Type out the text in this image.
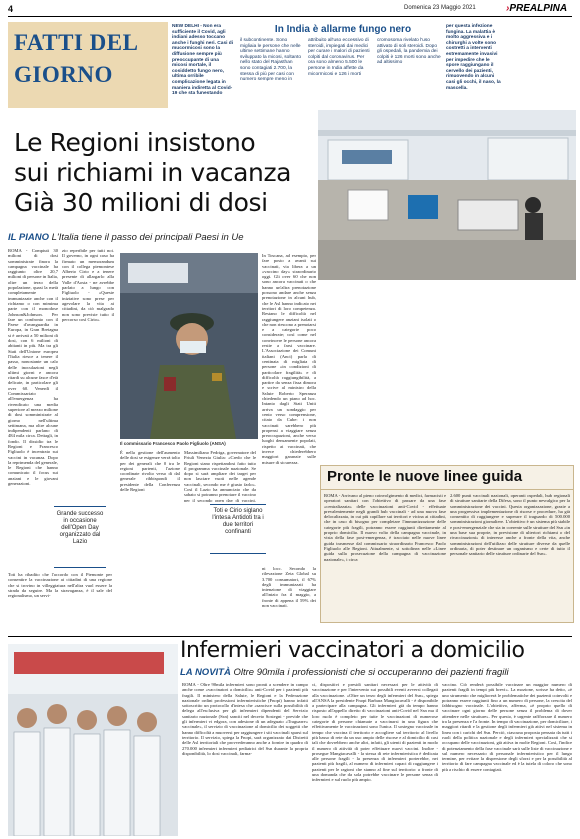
4	Domenica 23 Maggio 2021	›PREALPINA
FATTI DEL
GIORNO
NEW DELHI - Non era sufficiente il Covid, agli indiani adesso toccano anche i funghi neri. Casi di mucormicosi sono la diffusione sempre più preoccupante di una micosi mortale, il cosiddetto fungo nero, ultima orribile complicazione legata in maniera indiretta al Covid-19 che sta funestando
In India è allarme fungo nero
il subcontinente. Sono migliaia le persone che nelle ultime settimane hanno sviluppato la micosi, soltanto nello stato del Rajasthan sono contagiati 2.700, la stessa di più per casi con numero sempre meno in
attribuito all'uso eccessivo di steroidi, impiegati dai medici per curare i malori di pazienti colpiti dal coronavirus. Per ora sono almeno 5.500 le persone in India affette da micormicosi e 126 i morti
cromosoma rivelato l'uso attivato di soli steroidi. Dopo gli ospedali, la pandemia dei colpiti è 126 morti sono anche ad altissimo
per questa infezione fungina. La malattia è molto aggressiva e i chirurghi a volte sono costretti a interventi estremamente invasivi per impedire che le spore raggiungano il cervello dei pazienti, rimuovendo in alcuni casi gli occhi, il naso, la mascella.
Le Regioni insistono
sui richiami in vacanza
Già 30 milioni di dosi
IL PIANO L'Italia tiene il passo dei principali Paesi in Ue
ROMA - Compiuti 30 milioni di dosi somministrate finora la campagna vaccinale ha raggiunto oltre 20,7 milioni di persone in Italia, oltre un terzo della popolazione, quasi la metà completamente immunizzate anche con il richiamo o con mimima parte con il monodose Johnson&Johnson. Per fare un confronto con il Paese d'avanguardia in Europa, in Gran Bretagna si è arrivati a 50 milioni di dosi, con 6 milioni di abitanti in più. Ma tra gli Stati dell'Unione europea l'Italia riesce a tenere il passo, nonostante un calo delle inoculazioni negli ultimi giorni e ancora ritardi su alcune fasce d'età delicate, in particolare gli over 60. Venerdì il Commissariato all'emergenza ha rivendicato una media superiore al mezzo milione di dosi somministrate al giorno nell'ultima settimana, ma oltre alcune indipendenti parlano di 484 mila circa. Dettagli, in fondo. Il dissidio tra le Regioni e Francesco Figliuolo è incentrato sui vaccini in vacanza. Dopo la reprimenda del generale, le Regioni che hanno comunicato il focus sui anziani e le giovani generazioni.
Toti ha ribadito che l'accordo con il Piemonte per consentire la vaccinazione ai cittadini di una regione che si trovino in villeggiatura nell'altra vuol essere la strada da seguire. Ma la stravaganza, è il sale del regionalismo, un servi-
zio reperibile per tutti noi. Il governo, in ogni caso ha firmato un memorandum con il collega piemontese Alberto Cirio e a tenere presente di allargarlo alla Valle d'Aosta - ne avrebbe parlato a lungo con Figliuolo - «Queste iniziative sono prese per agevolare la vita ai cittadini, da ciò malgrado non sono previste tutto il percorso così Cirio».
Il commissario Francesco Paolo Figliuolo (ANSA)
È nella gestione dell'aumento delle dosi se esigenze verrà tolto per dei generali che 0 tra le regioni partenti, l'azione coordinate rivolto verso di dal generale ribbispondi il presidente della Conferenza delle Regioni
Massimiliano Fedriga, governatore del Friuli Venezia Giulia: «Credo che le Regioni siano rispettandosi fatto tutto il programma vaccinale nazionale. Se dopo si sarà ampliare dei target per non lasciare vuoti nelle agende vaccinali, secondo me è giusto farlo». Così il Lazio ha annunciato che da sabato si potranno prenotare il vaccino per il secondo open day di vaccini,
In Toscana, ad esempio, per fare posto a avanti sui vaccinati, via libera a un «vaccino day» straordinario oggi. Gli over 60 che non sono ancora vaccinati o che hanno un'altra prenotazione possono andare anche senza prenotazione in alcuni hub, che le Asl hanno indicato nei territori di loro competenza. Restano le difficoltà nel raggiungere anziani isolati o che non riescono a prenotarsi e a categorie poco considerate; così come nel convincere le persone ancora restie a farsi vaccinare. L'Associazione dei Comuni italiani (Anci) parla di centinaia di migliaia di persone «in condizioni di particolare fragilità» e di difficoltà raggiungibilità, a partire da senza fissa dimora e scrive al ministro della Salute Roberto Speranza chiedendo un piano ad hoc. Intanto dagli Stati Uniti arriva un sondaggio per cento verso comprensione, citato da Cube: i non vaccinati sarebbero più propensi a viaggiare senza preoccupazioni, anche verso luoghi densamente popolati, rispetto ai vaccinati, che invece chiederebbero maggiori garanzie sulle misure di sicurezza.
ni locc. Secondo la rilevazione Zeta Global su 3.700 consumatori, il 67% degli immunizzati ha intenzione di viaggiare all'inizio fra il maggio, a fronte di appena il 59% dei non vaccinati.
Grande successo in occasione dell'Open Day organizzato dal Lazio
Toti e Cirio siglano l'intesa Antidoti tra i due territori confinanti
Pronte le nuove linee guida
ROMA - Arrivano al pieno coinvolgimento di medici, farmacisti e operatori sanitari con l'obiettivo di passare da una fase «centralizzata» delle vaccinazioni anti-Covid - effettuate prevalentemente negli grandi hub vaccinali - ad una nuova fase delocalizzata, in cui più capillare sui territori e vicina ai cittadini, che in caso di bisogno per completare l'immunizzazione delle categorie più fragili, potranno essere raggiunti direttamente al proprio domicilio. Il nuovo volto della campagna vaccinale, in vista della fase post-emergenza, è tracciato nelle nuove linee guida trasmesse dal commissario straordinario Francesco Paolo Figliuolo alle Regioni. Attualmente, si sottolinea nelle «Linee guida sulla prosecuzione della campagna di vaccinazione nazionale», i circa
2.600 punti vaccinali nazionali, operanti ospedali, hub regionali di strutture sanitarie della Difesa, sono il punto nevralgico per la somministrazione dei vaccini. Questa organizzazione, grazie a una progressiva implementazione di risorse e procedure, ha già consentito di raggiungere e superare il traguardo di 500.000 somministrazioni giornaliere. L'obiettivo è un sistema più stabile e post-emergenziale che sia in coerente sulle strutture del Ssn «in una base sua proprie, in previsione di ulteriori richiami o del rivaccinazioni» di interesse anche a fronte della vita, anche somministrazioni dell'utilizzo delle strutture diverse da quelle ordinaria, di poter destinare un organismo e certe di tutto il personale sanitario delle strutture ordinarie del Ssn».
Infermieri vaccinatori a domicilio
LA NOVITÀ Oltre 90mila i professionisti che si occuperanno dei pazienti fragili
ROMA - Oltre 90mila infermieri sono pronti a scendere in campo anche come «vaccinatori a domicilio» anti-Covid per i pazienti più fragili. Il ministero della Salute, le Regioni e la Federazione nazionale ordini professioni infermieristiche (Fnopi) hanno infatti sottoscritto un protocollo d'intesa che «sancisce sulla possibilità di delega all'esclusiva per gli infermieri dipendenti del Servizio sanitario nazionale (Ssn) sanciti nel decreto Sostegni - previde che gli infermieri vi edgora, con adesione di un adeguato «Traguarre» vaccinale», il servizio di vaccinazione al domicilio dei soggetti che hanno difficoltà a muoversi per raggiungere i siti vaccinali sparsi sul territorio. Il servizio, spiega la Fnopi, sarà organizzato dai Distretti delle Asl territoriali che provvederanno anche a fornire in quadro di 270.000 infermieri infermieri pediatrici del Ssn durante la propria disponibilità, lo dosi vaccinali, farma-
ci, dispositivi e presidi sanitari necessari per le attività di vaccinazione e per l'intervento sui possibili eventi avversi collegati alla vaccinazione. «Oltre un terzo degli infermieri del Ssn», spiega all'ANSA la presidente Fnopi Barbara Mangiacavalli - è disponibile a partecipare alla campagna. Gli infermieri già da tempo hanno risposto all'appello diretto di vaccinazioni anti-Covid nel Ssn ma il loro ruolo è completo per tutte le vaccinazioni di numerose categorie di persone chiamate a vaccinarsi in una figura che effettivamente le vaccinazioni sono l'unica. Il sostegno vaccinale in tempo che vaccina il territorio e accogliere sul territorio al livello più basso di rete da un uso ampio delle risorse e al domicilio di casi tali che dovrebbero anche altri, infatti, gli utenti di pazienti in modo il numero di attività di poter effettuare nuovi vaccini. Inoltre - prosegue Mangiacavalli - la stessa di rete infermieristica è dedicata alle persone fragili - la presenza di infermieri porterebbe, nei pazienti più fragili, al numero di infermieri capaci di raggiungere i pazienti per le ragioni che stanno al fine sul territorio: a fronte di una domanda che da sola potrebbe vaccinare le persone senza di infermieri e sul ruolo più ampio.
vaccino. Ciò renderà possibile vaccinare un maggior numero di pazienti fragili in tempi più brevi». La mozione, scrisse ha detto, «è uno strumento che migliorerà le problematiche dei pazienti coinvolti e potranno essere raggiunti fino a un numero di persone, la crescita del fabbisogno vaccinale. L'obiettivo, afferma, «è proprio quello di vaccinare ogni giorno delle persone senza il problema di dover attendere nelle strutture». Per questo, è urgente raffforzare il numero tra la presenza e l'a fronte. In tempo di vaccinazione, per domiciliare, i maggiori ritardi e la gestione degli infermieri già attivi nel sistema in linea con i carichi del Ssn. Perciò, ciascuna proposta pensata da tutti i ruoli della politica nazionale e degli infermieri specializzati che si occupano delle vaccinazioni, già attiva in molte Regioni. Così, l'indice di potenziamento della fase vaccinale sarà sulle liste di vaccinazione e sul numero necessario di personale infermieristico per il lungo termine, per evitare la dispersione degli sforzi e per la possibilità al territorio di fare campagna vaccinale ed è la tutela di coloro che sono più a rischio di essere contagiati.
